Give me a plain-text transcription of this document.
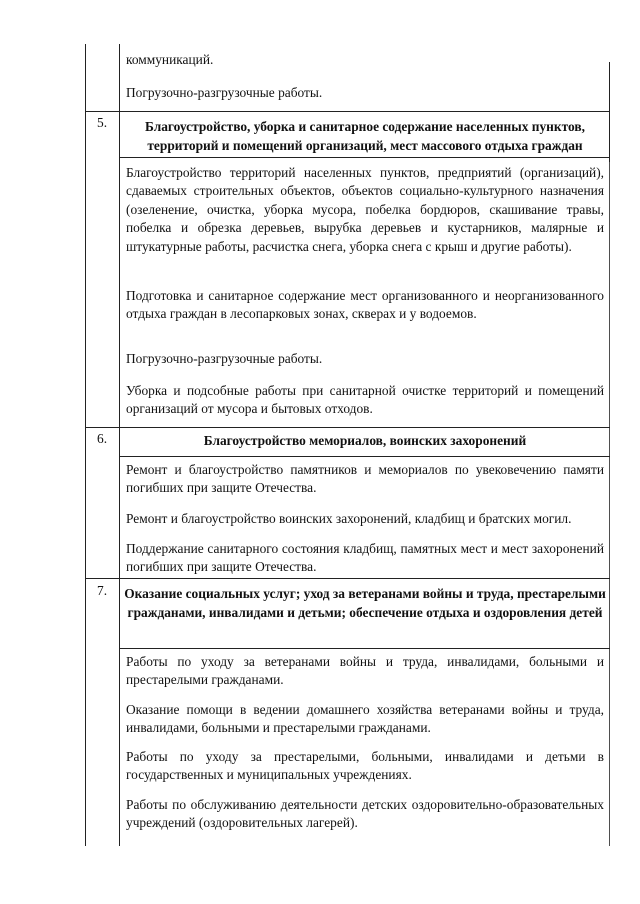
коммуникаций.
Погрузочно-разгрузочные работы.
5.	Благоустройство, уборка и санитарное содержание населенных пунктов, территорий и помещений организаций, мест массового отдыха граждан
Благоустройство территорий населенных пунктов, предприятий (организаций), сдаваемых строительных объектов, объектов социально-культурного назначения (озеленение, очистка, уборка мусора, побелка бордюров, скашивание травы, побелка и обрезка деревьев, вырубка деревьев и кустарников, малярные и штукатурные работы, расчистка снега, уборка снега с крыш и другие работы).
Подготовка и санитарное содержание мест организованного и неорганизованного отдыха граждан в лесопарковых зонах, скверах и у водоемов.
Погрузочно-разгрузочные работы.
Уборка и подсобные работы при санитарной очистке территорий и помещений организаций от мусора и бытовых отходов.
6.	Благоустройство мемориалов, воинских захоронений
Ремонт и благоустройство памятников и мемориалов по увековечению памяти погибших при защите Отечества.
Ремонт и благоустройство воинских захоронений, кладбищ и братских могил.
Поддержание санитарного состояния кладбищ, памятных мест и мест захоронений погибших при защите Отечества.
7. Оказание социальных услуг; уход за ветеранами войны и труда, престарелыми гражданами, инвалидами и детьми; обеспечение отдыха и оздоровления детей
Работы по уходу за ветеранами войны и труда, инвалидами, больными и престарелыми гражданами.
Оказание помощи в ведении домашнего хозяйства ветеранами войны и труда, инвалидами, больными и престарелыми гражданами.
Работы по уходу за престарелыми, больными, инвалидами и детьми в государственных и муниципальных учреждениях.
Работы по обслуживанию деятельности детских оздоровительно-образовательных учреждений (оздоровительных лагерей).
